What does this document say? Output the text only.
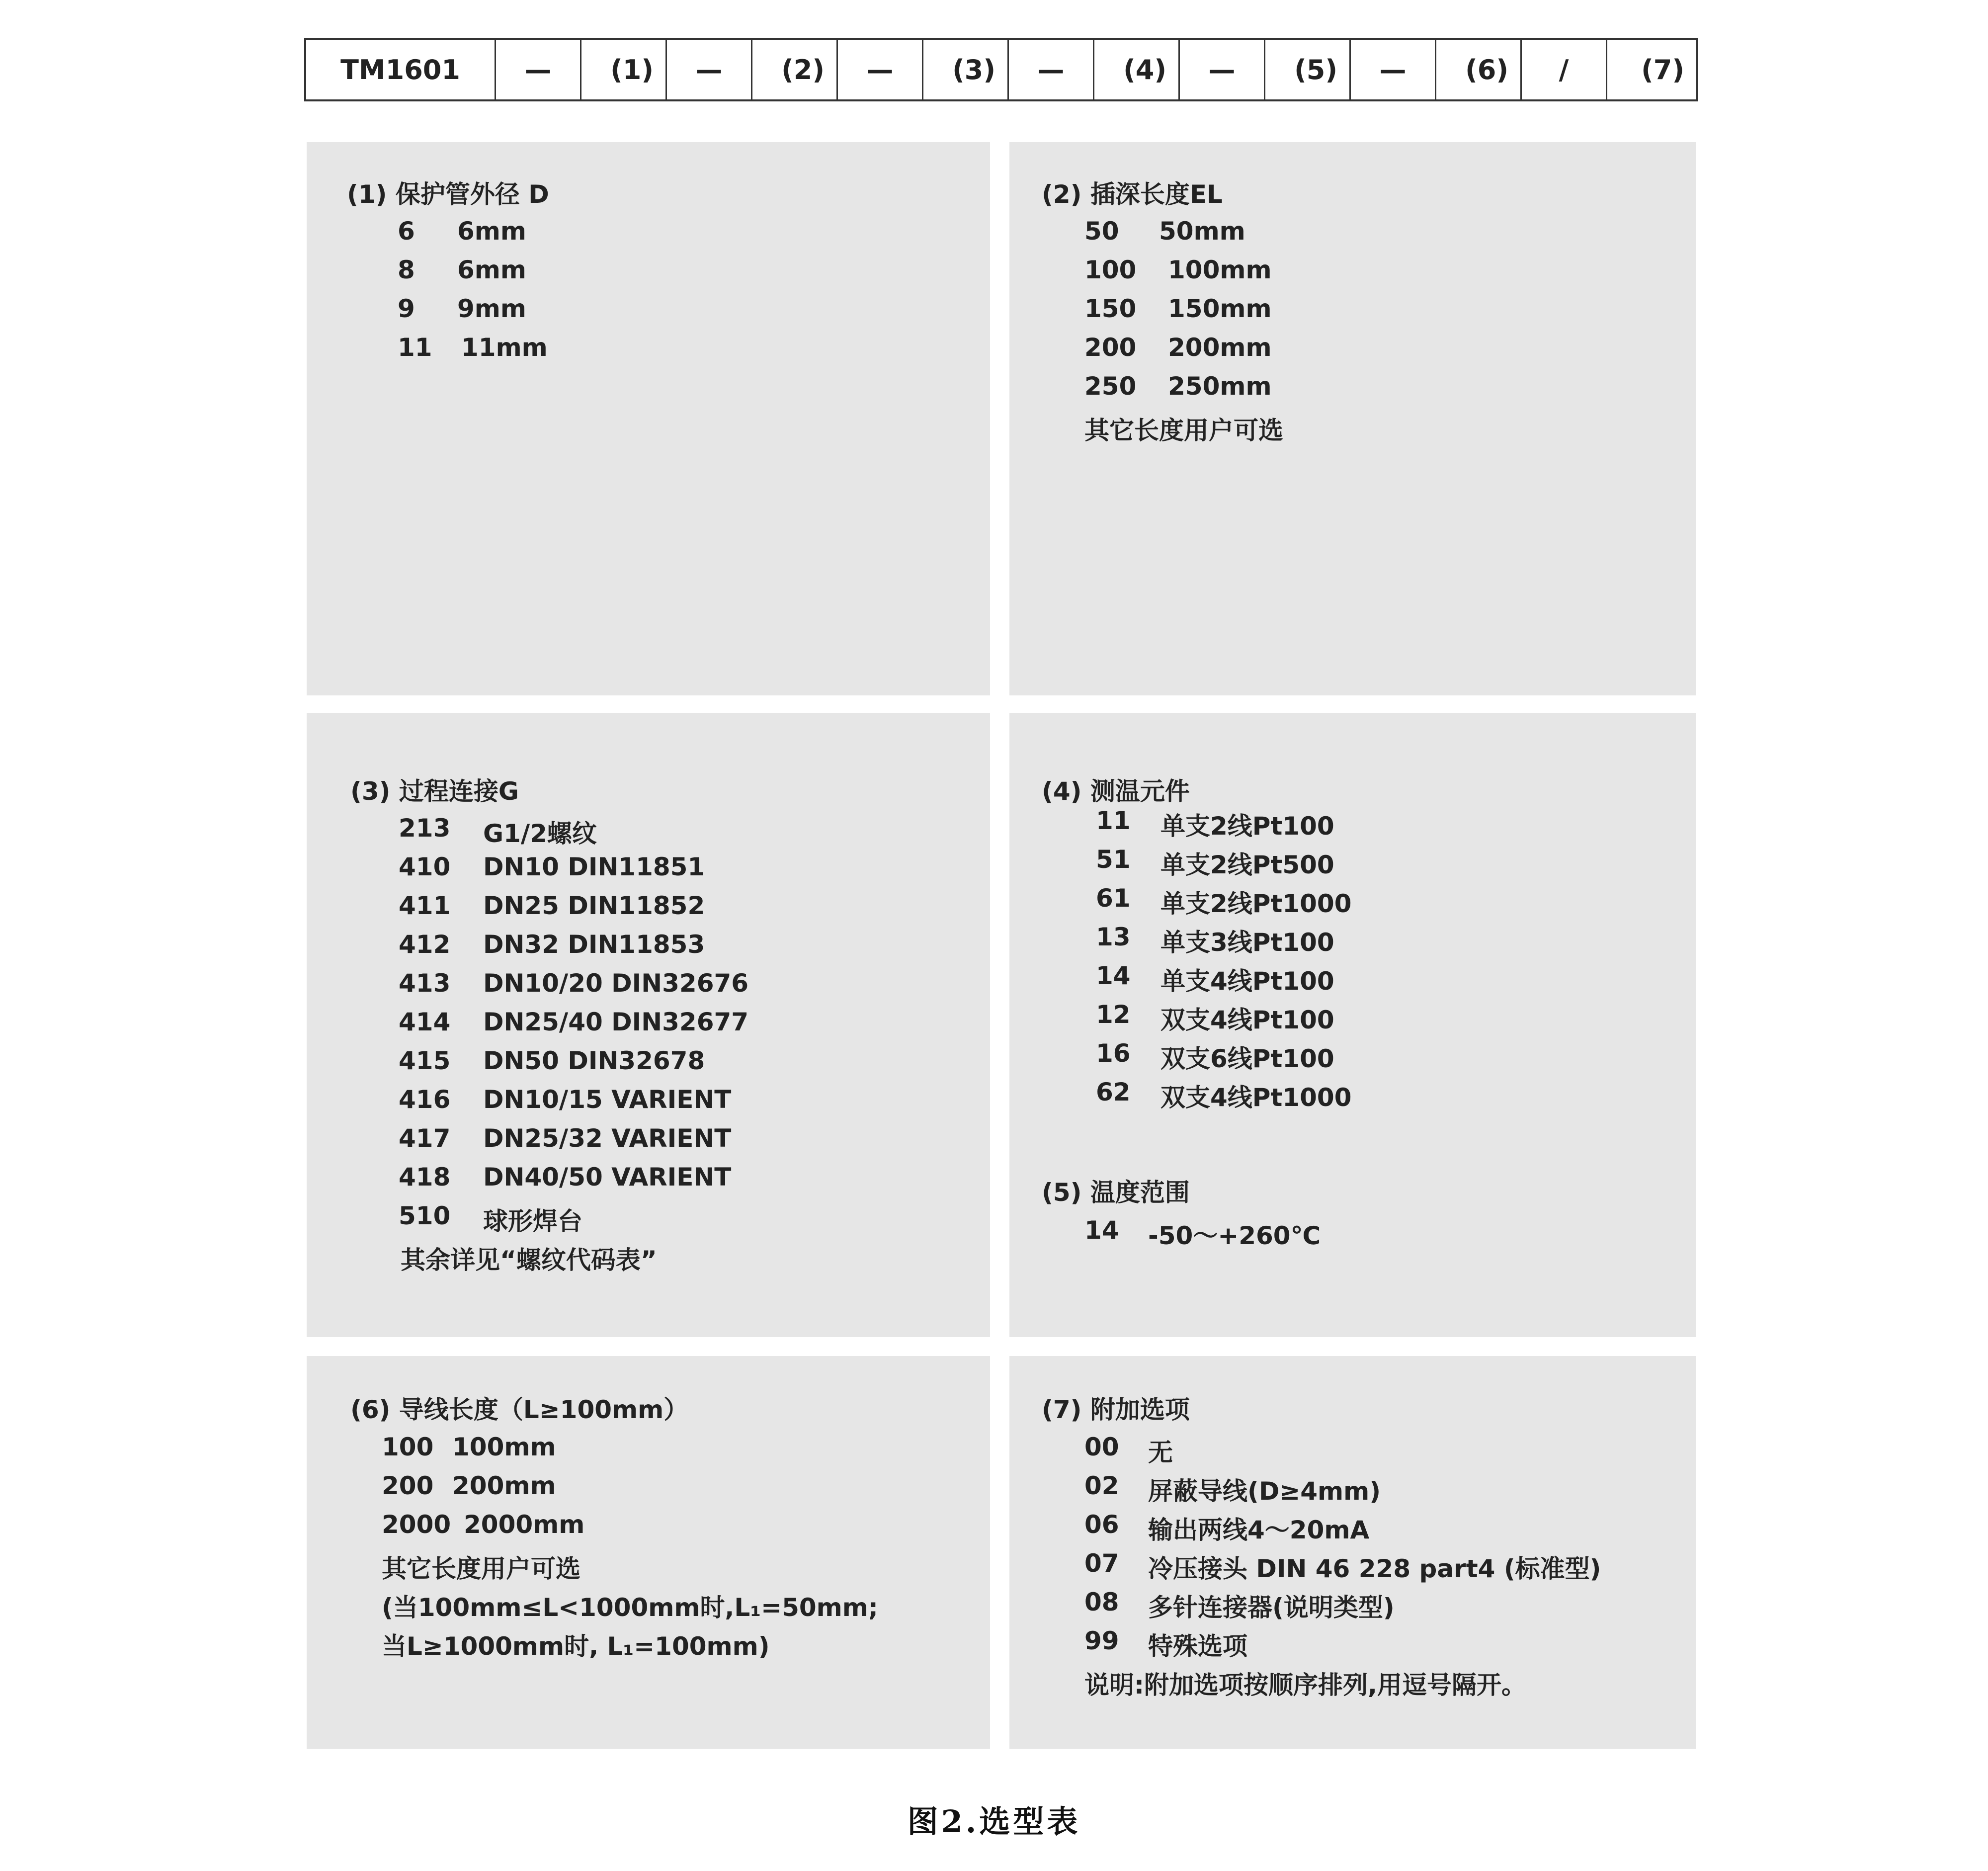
TM1601	—	(1)	—	(2)	—	(3)	—	(4)	—	(5)	—	(6)	/	(7)
(1) 保护管外径 D
6 6mm
8 6mm
9 9mm
11 11mm
(2) 插深长度EL
50 50mm
100 100mm
150 150mm
200 200mm
250 250mm
其它长度用户可选
(3) 过程连接G
213 G1/2螺纹
410 DN10 DIN11851
411 DN25 DIN11852
412 DN32 DIN11853
413 DN10/20 DIN32676
414 DN25/40 DIN32677
415 DN50 DIN32678
416 DN10/15 VARIENT
417 DN25/32 VARIENT
418 DN40/50 VARIENT
510 球形焊台
其余详见“螺纹代码表”
(4) 测温元件
11 单支2线Pt100
51 单支2线Pt500
61 单支2线Pt1000
13 单支3线Pt100
14 单支4线Pt100
12 双支4线Pt100
16 双支6线Pt100
62 双支4线Pt1000
(5) 温度范围
14 -50～+260℃
(6) 导线长度（L≥100mm）
100 100mm
200 200mm
2000 2000mm
其它长度用户可选
(当100mm≤L<1000mm时,L₁=50mm;
当L≥1000mm时, L₁=100mm)
(7) 附加选项
00 无
02 屏蔽导线(D≥4mm)
06 输出两线4～20mA
07 冷压接头 DIN 46 228 part4 (标准型)
08 多针连接器(说明类型)
99 特殊选项
说明:附加选项按顺序排列,用逗号隔开。
图2.选型表
